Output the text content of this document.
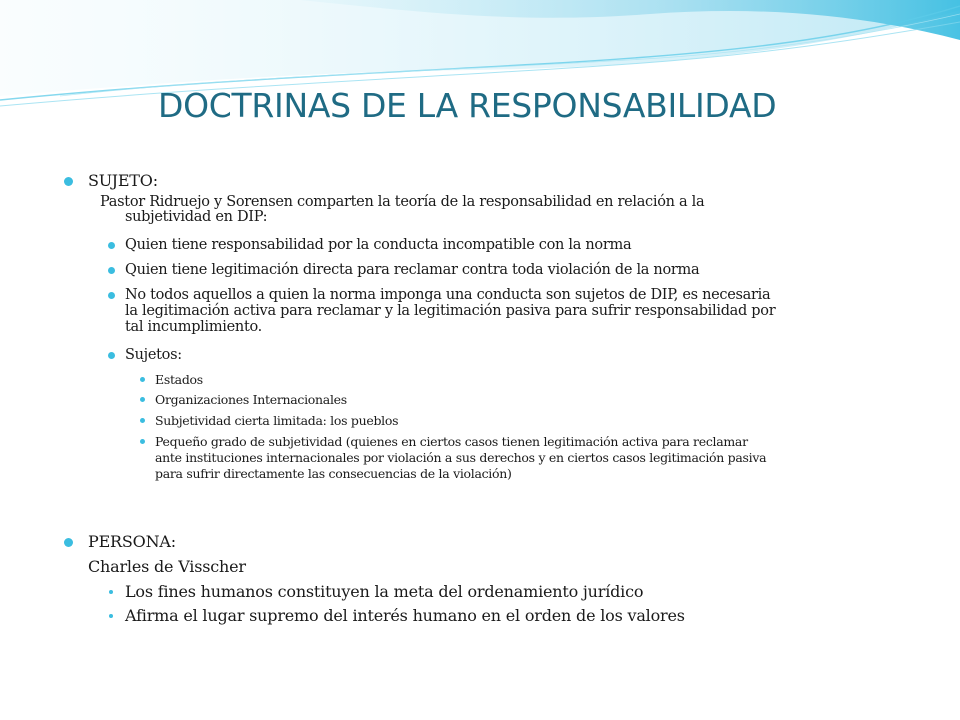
DOCTRINAS DE LA RESPONSABILIDAD
SUJETO:
Pastor Ridruejo y Sorensen comparten la teoría de la responsabilidad en relación a la
subjetividad en DIP:
Quien tiene responsabilidad por la conducta incompatible con la norma
Quien tiene legitimación directa para reclamar contra toda violación de la norma
No todos aquellos a quien la norma imponga una conducta son sujetos de DIP, es necesaria
la legitimación activa para reclamar y la legitimación pasiva para sufrir responsabilidad por
tal incumplimiento.
Sujetos:
Estados
Organizaciones Internacionales
Subjetividad cierta limitada: los pueblos
Pequeño grado de subjetividad (quienes en ciertos casos tienen legitimación activa para reclamar
ante instituciones internacionales por violación a sus derechos y en ciertos casos legitimación pasiva
para sufrir directamente las consecuencias de la violación)
PERSONA:
Charles de Visscher
Los fines humanos constituyen la meta del ordenamiento jurídico
Afirma el lugar supremo del interés humano en el orden de los valores
